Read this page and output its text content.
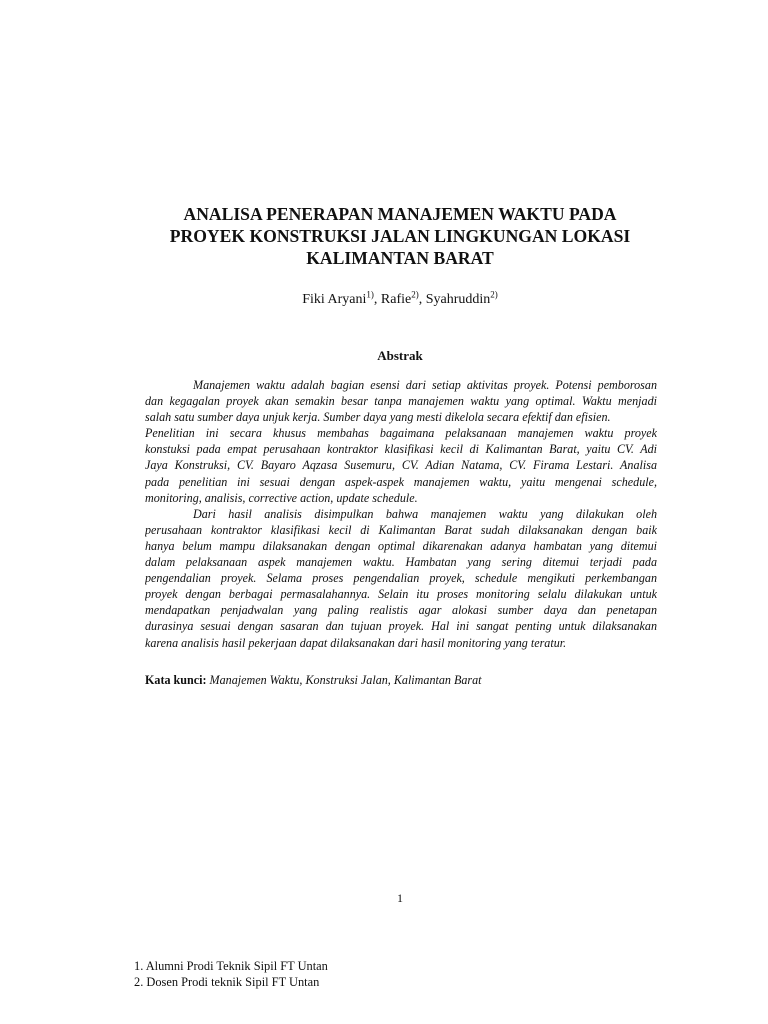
ANALISA PENERAPAN MANAJEMEN WAKTU PADA
PROYEK KONSTRUKSI JALAN LINGKUNGAN LOKASI
KALIMANTAN BARAT
Fiki Aryani$^{1)}$, Rafie$^{2)}$, Syahruddin$^{2)}$
Abstrak
Manajemen waktu adalah bagian esensi dari setiap aktivitas proyek. Potensi pemborosan
dan kegagalan proyek akan semakin besar tanpa manajemen waktu yang optimal. Waktu menjadi
salah satu sumber daya unjuk kerja. Sumber daya yang mesti dikelola secara efektif dan efisien.
Penelitian ini secara khusus membahas bagaimana pelaksanaan manajemen waktu proyek
konstuksi pada empat perusahaan kontraktor klasifikasi kecil di Kalimantan Barat, yaitu CV. Adi
Jaya Konstruksi, CV. Bayaro Aqzasa Susemuru, CV. Adian Natama, CV. Firama Lestari. Analisa
pada penelitian ini sesuai dengan aspek-aspek manajemen waktu, yaitu mengenai schedule,
monitoring, analisis, corrective action, update schedule.
Dari hasil analisis disimpulkan bahwa manajemen waktu yang dilakukan oleh
perusahaan kontraktor klasifikasi kecil di Kalimantan Barat sudah dilaksanakan dengan baik
hanya belum mampu dilaksanakan dengan optimal dikarenakan adanya hambatan yang ditemui
dalam pelaksanaan aspek manajemen waktu. Hambatan yang sering ditemui terjadi pada
pengendalian proyek. Selama proses pengendalian proyek, schedule mengikuti perkembangan
proyek dengan berbagai permasalahannya. Selain itu proses monitoring selalu dilakukan untuk
mendapatkan penjadwalan yang paling realistis agar alokasi sumber daya dan penetapan
durasinya sesuai dengan sasaran dan tujuan proyek. Hal ini sangat penting untuk dilaksanakan
karena analisis hasil pekerjaan dapat dilaksanakan dari hasil monitoring yang teratur.
Kata kunci: Manajemen Waktu, Konstruksi Jalan, Kalimantan Barat
1
1. Alumni Prodi Teknik Sipil FT Untan
2. Dosen Prodi teknik Sipil FT Untan
